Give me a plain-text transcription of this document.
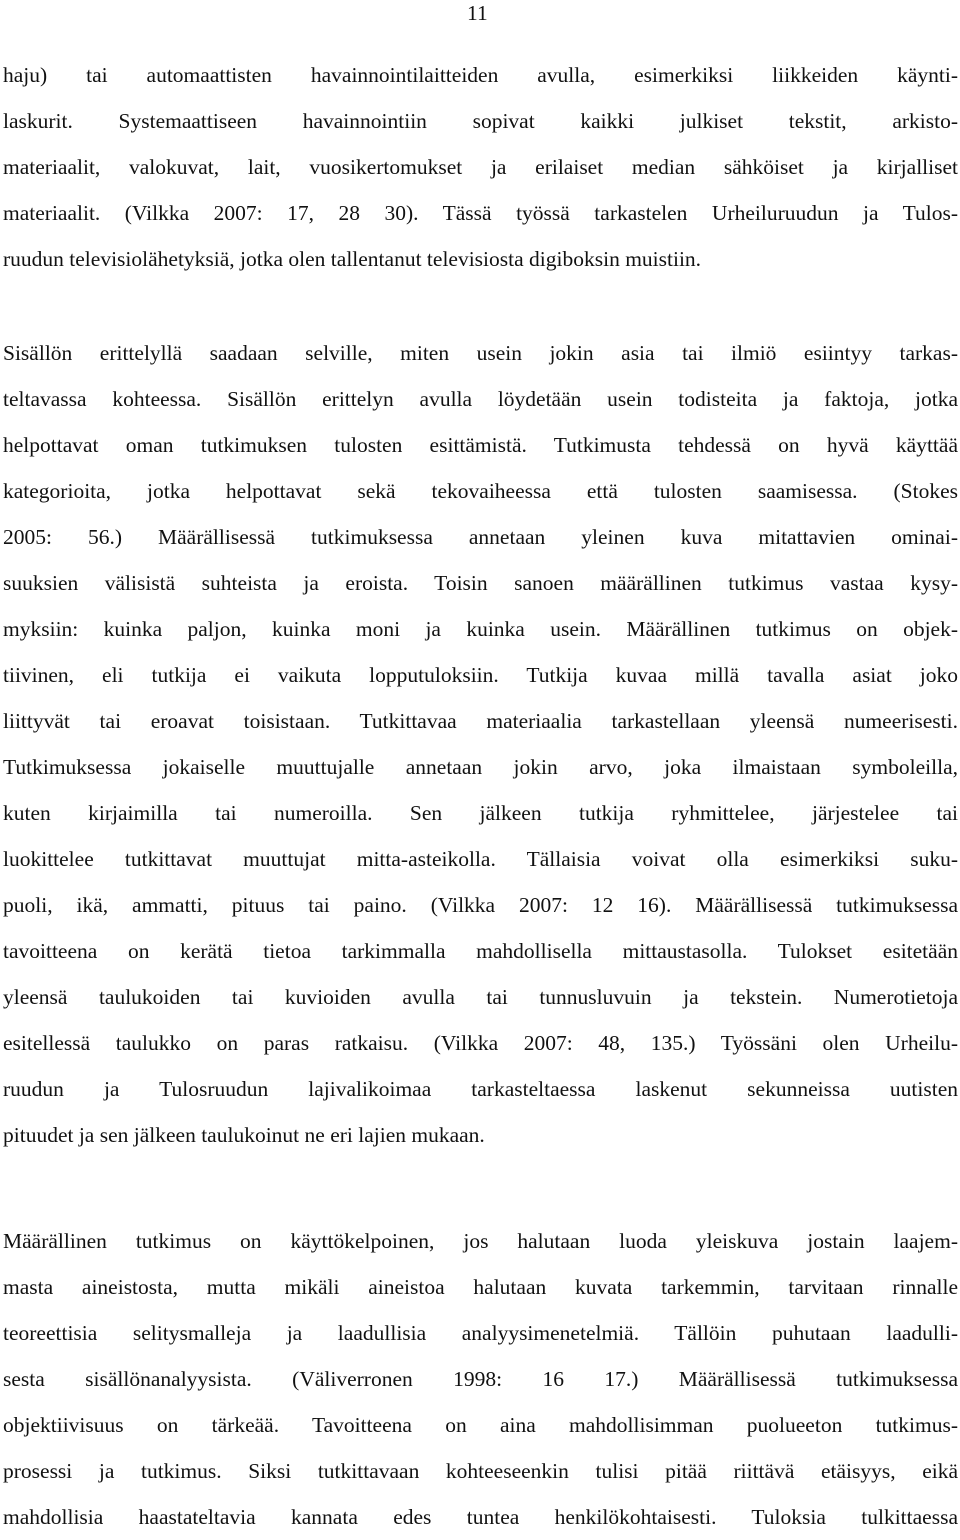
11
haju) tai automaattisten havainnointilaitteiden avulla, esimerkiksi liikkeiden käynti-
laskurit. Systemaattiseen havainnointiin sopivat kaikki julkiset tekstit, arkisto-
materiaalit, valokuvat, lait, vuosikertomukset ja erilaiset median sähköiset ja kirjalliset
materiaalit. (Vilkka 2007: 17, 28 30). Tässä työssä tarkastelen Urheiluruudun ja Tulos-
ruudun televisiolähetyksiä, jotka olen tallentanut televisiosta digiboksin muistiin.
Sisällön erittelyllä saadaan selville, miten usein jokin asia tai ilmiö esiintyy tarkas-
teltavassa kohteessa. Sisällön erittelyn avulla löydetään usein todisteita ja faktoja, jotka
helpottavat oman tutkimuksen tulosten esittämistä. Tutkimusta tehdessä on hyvä käyttää
kategorioita, jotka helpottavat sekä tekovaiheessa että tulosten saamisessa. (Stokes
2005: 56.) Määrällisessä tutkimuksessa annetaan yleinen kuva mitattavien ominai-
suuksien välisistä suhteista ja eroista. Toisin sanoen määrällinen tutkimus vastaa kysy-
myksiin: kuinka paljon, kuinka moni ja kuinka usein. Määrällinen tutkimus on objek-
tiivinen, eli tutkija ei vaikuta lopputuloksiin. Tutkija kuvaa millä tavalla asiat joko
liittyvät tai eroavat toisistaan. Tutkittavaa materiaalia tarkastellaan yleensä numeerisesti.
Tutkimuksessa jokaiselle muuttujalle annetaan jokin arvo, joka ilmaistaan symboleilla,
kuten kirjaimilla tai numeroilla. Sen jälkeen tutkija ryhmittelee, järjestelee tai
luokittelee tutkittavat muuttujat mitta-asteikolla. Tällaisia voivat olla esimerkiksi suku-
puoli, ikä, ammatti, pituus tai paino. (Vilkka 2007: 12 16). Määrällisessä tutkimuksessa
tavoitteena on kerätä tietoa tarkimmalla mahdollisella mittaustasolla. Tulokset esitetään
yleensä taulukoiden tai kuvioiden avulla tai tunnusluvuin ja tekstein. Numerotietoja
esitellessä taulukko on paras ratkaisu. (Vilkka 2007: 48, 135.) Työssäni olen Urheilu-
ruudun ja Tulosruudun lajivalikoimaa tarkasteltaessa laskenut sekunneissa uutisten
pituudet ja sen jälkeen taulukoinut ne eri lajien mukaan.
Määrällinen tutkimus on käyttökelpoinen, jos halutaan luoda yleiskuva jostain laajem-
masta aineistosta, mutta mikäli aineistoa halutaan kuvata tarkemmin, tarvitaan rinnalle
teoreettisia selitysmalleja ja laadullisia analyysimenetelmiä. Tällöin puhutaan laadulli-
sesta sisällönanalyysista. (Väliverronen 1998: 16 17.) Määrällisessä tutkimuksessa
objektiivisuus on tärkeää. Tavoitteena on aina mahdollisimman puolueeton tutkimus-
prosessi ja tutkimus. Siksi tutkittavaan kohteeseenkin tulisi pitää riittävä etäisyys, eikä
mahdollisia haastateltavia kannata edes tuntea henkilökohtaisesti. Tuloksia tulkittaessa
